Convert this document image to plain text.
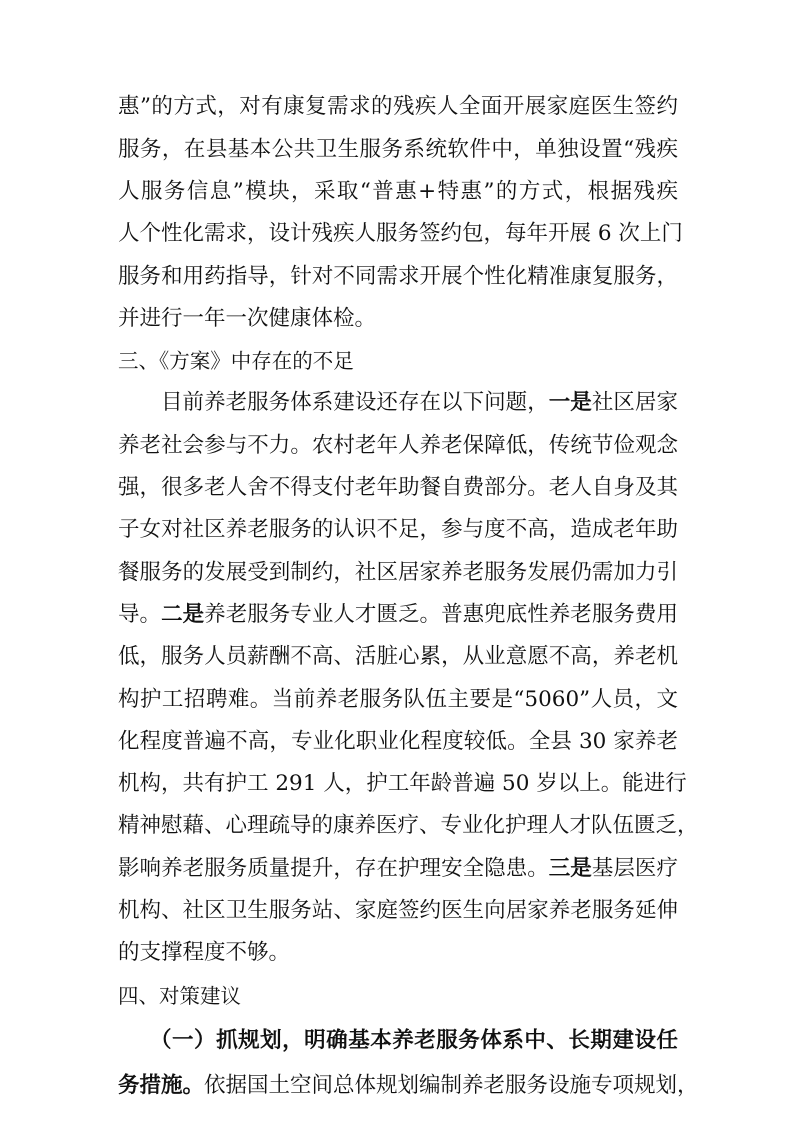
惠”的方式，对有康复需求的残疾人全面开展家庭医生签约
服务，在县基本公共卫生服务系统软件中，单独设置“残疾
人服务信息”模块，采取“普惠+特惠”的方式，根据残疾
人个性化需求，设计残疾人服务签约包，每年开展 6 次上门
服务和用药指导，针对不同需求开展个性化精准康复服务，
并进行一年一次健康体检。
三、《方案》中存在的不足
目前养老服务体系建设还存在以下问题，一是社区居家
养老社会参与不力。农村老年人养老保障低，传统节俭观念
强，很多老人舍不得支付老年助餐自费部分。老人自身及其
子女对社区养老服务的认识不足，参与度不高，造成老年助
餐服务的发展受到制约，社区居家养老服务发展仍需加力引
导。二是养老服务专业人才匮乏。普惠兜底性养老服务费用
低，服务人员薪酬不高、活脏心累，从业意愿不高，养老机
构护工招聘难。当前养老服务队伍主要是“5060”人员，文
化程度普遍不高，专业化职业化程度较低。全县 30 家养老
机构，共有护工 291 人，护工年龄普遍 50 岁以上。能进行
精神慰藉、心理疏导的康养医疗、专业化护理人才队伍匮乏，
影响养老服务质量提升，存在护理安全隐患。三是基层医疗
机构、社区卫生服务站、家庭签约医生向居家养老服务延伸
的支撑程度不够。
四、对策建议
（一）抓规划，明确基本养老服务体系中、长期建设任
务措施。依据国土空间总体规划编制养老服务设施专项规划，
